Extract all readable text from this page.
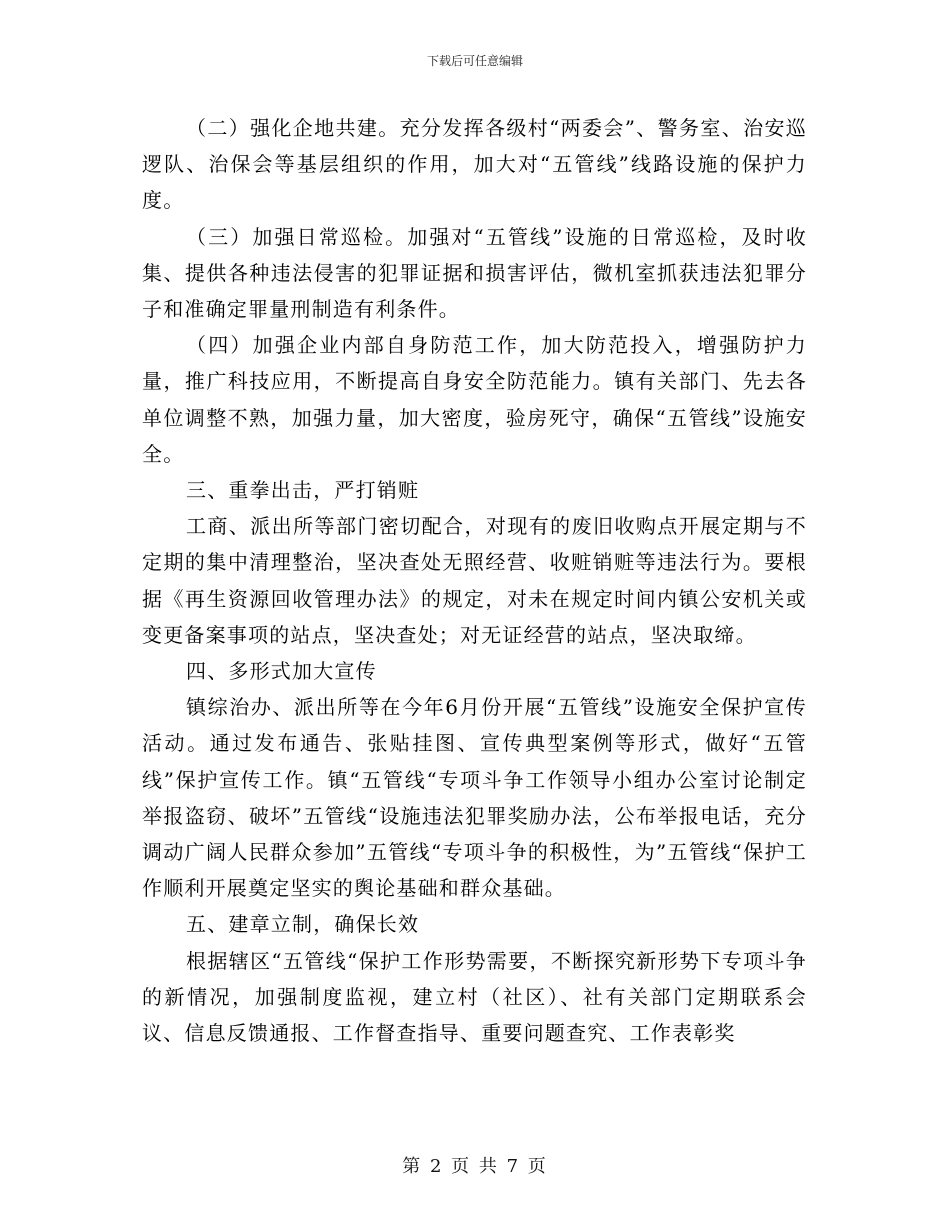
下载后可任意编辑

（二）强化企地共建。充分发挥各级村“两委会”、警务室、治安巡逻队、治保会等基层组织的作用，加大对“五管线”线路设施的保护力度。

（三）加强日常巡检。加强对“五管线”设施的日常巡检，及时收集、提供各种违法侵害的犯罪证据和损害评估，微机室抓获违法犯罪分子和准确定罪量刑制造有利条件。

（四）加强企业内部自身防范工作，加大防范投入，增强防护力量，推广科技应用，不断提高自身安全防范能力。镇有关部门、先去各单位调整不熟，加强力量，加大密度，验房死守，确保“五管线”设施安全。

三、重拳出击，严打销赃

工商、派出所等部门密切配合，对现有的废旧收购点开展定期与不定期的集中清理整治，坚决查处无照经营、收赃销赃等违法行为。要根据《再生资源回收管理办法》的规定，对未在规定时间内镇公安机关或变更备案事项的站点，坚决查处；对无证经营的站点，坚决取缔。

四、多形式加大宣传

镇综治办、派出所等在今年6月份开展“五管线”设施安全保护宣传活动。通过发布通告、张贴挂图、宣传典型案例等形式，做好“五管线”保护宣传工作。镇“五管线“专项斗争工作领导小组办公室讨论制定举报盗窃、破坏”五管线“设施违法犯罪奖励办法，公布举报电话，充分调动广阔人民群众参加”五管线“专项斗争的积极性，为”五管线“保护工作顺利开展奠定坚实的舆论基础和群众基础。

五、建章立制，确保长效

根据辖区“五管线“保护工作形势需要，不断探究新形势下专项斗争的新情况，加强制度监视，建立村（社区）、社有关部门定期联系会议、信息反馈通报、工作督查指导、重要问题查究、工作表彰奖

第 2 页 共 7 页
